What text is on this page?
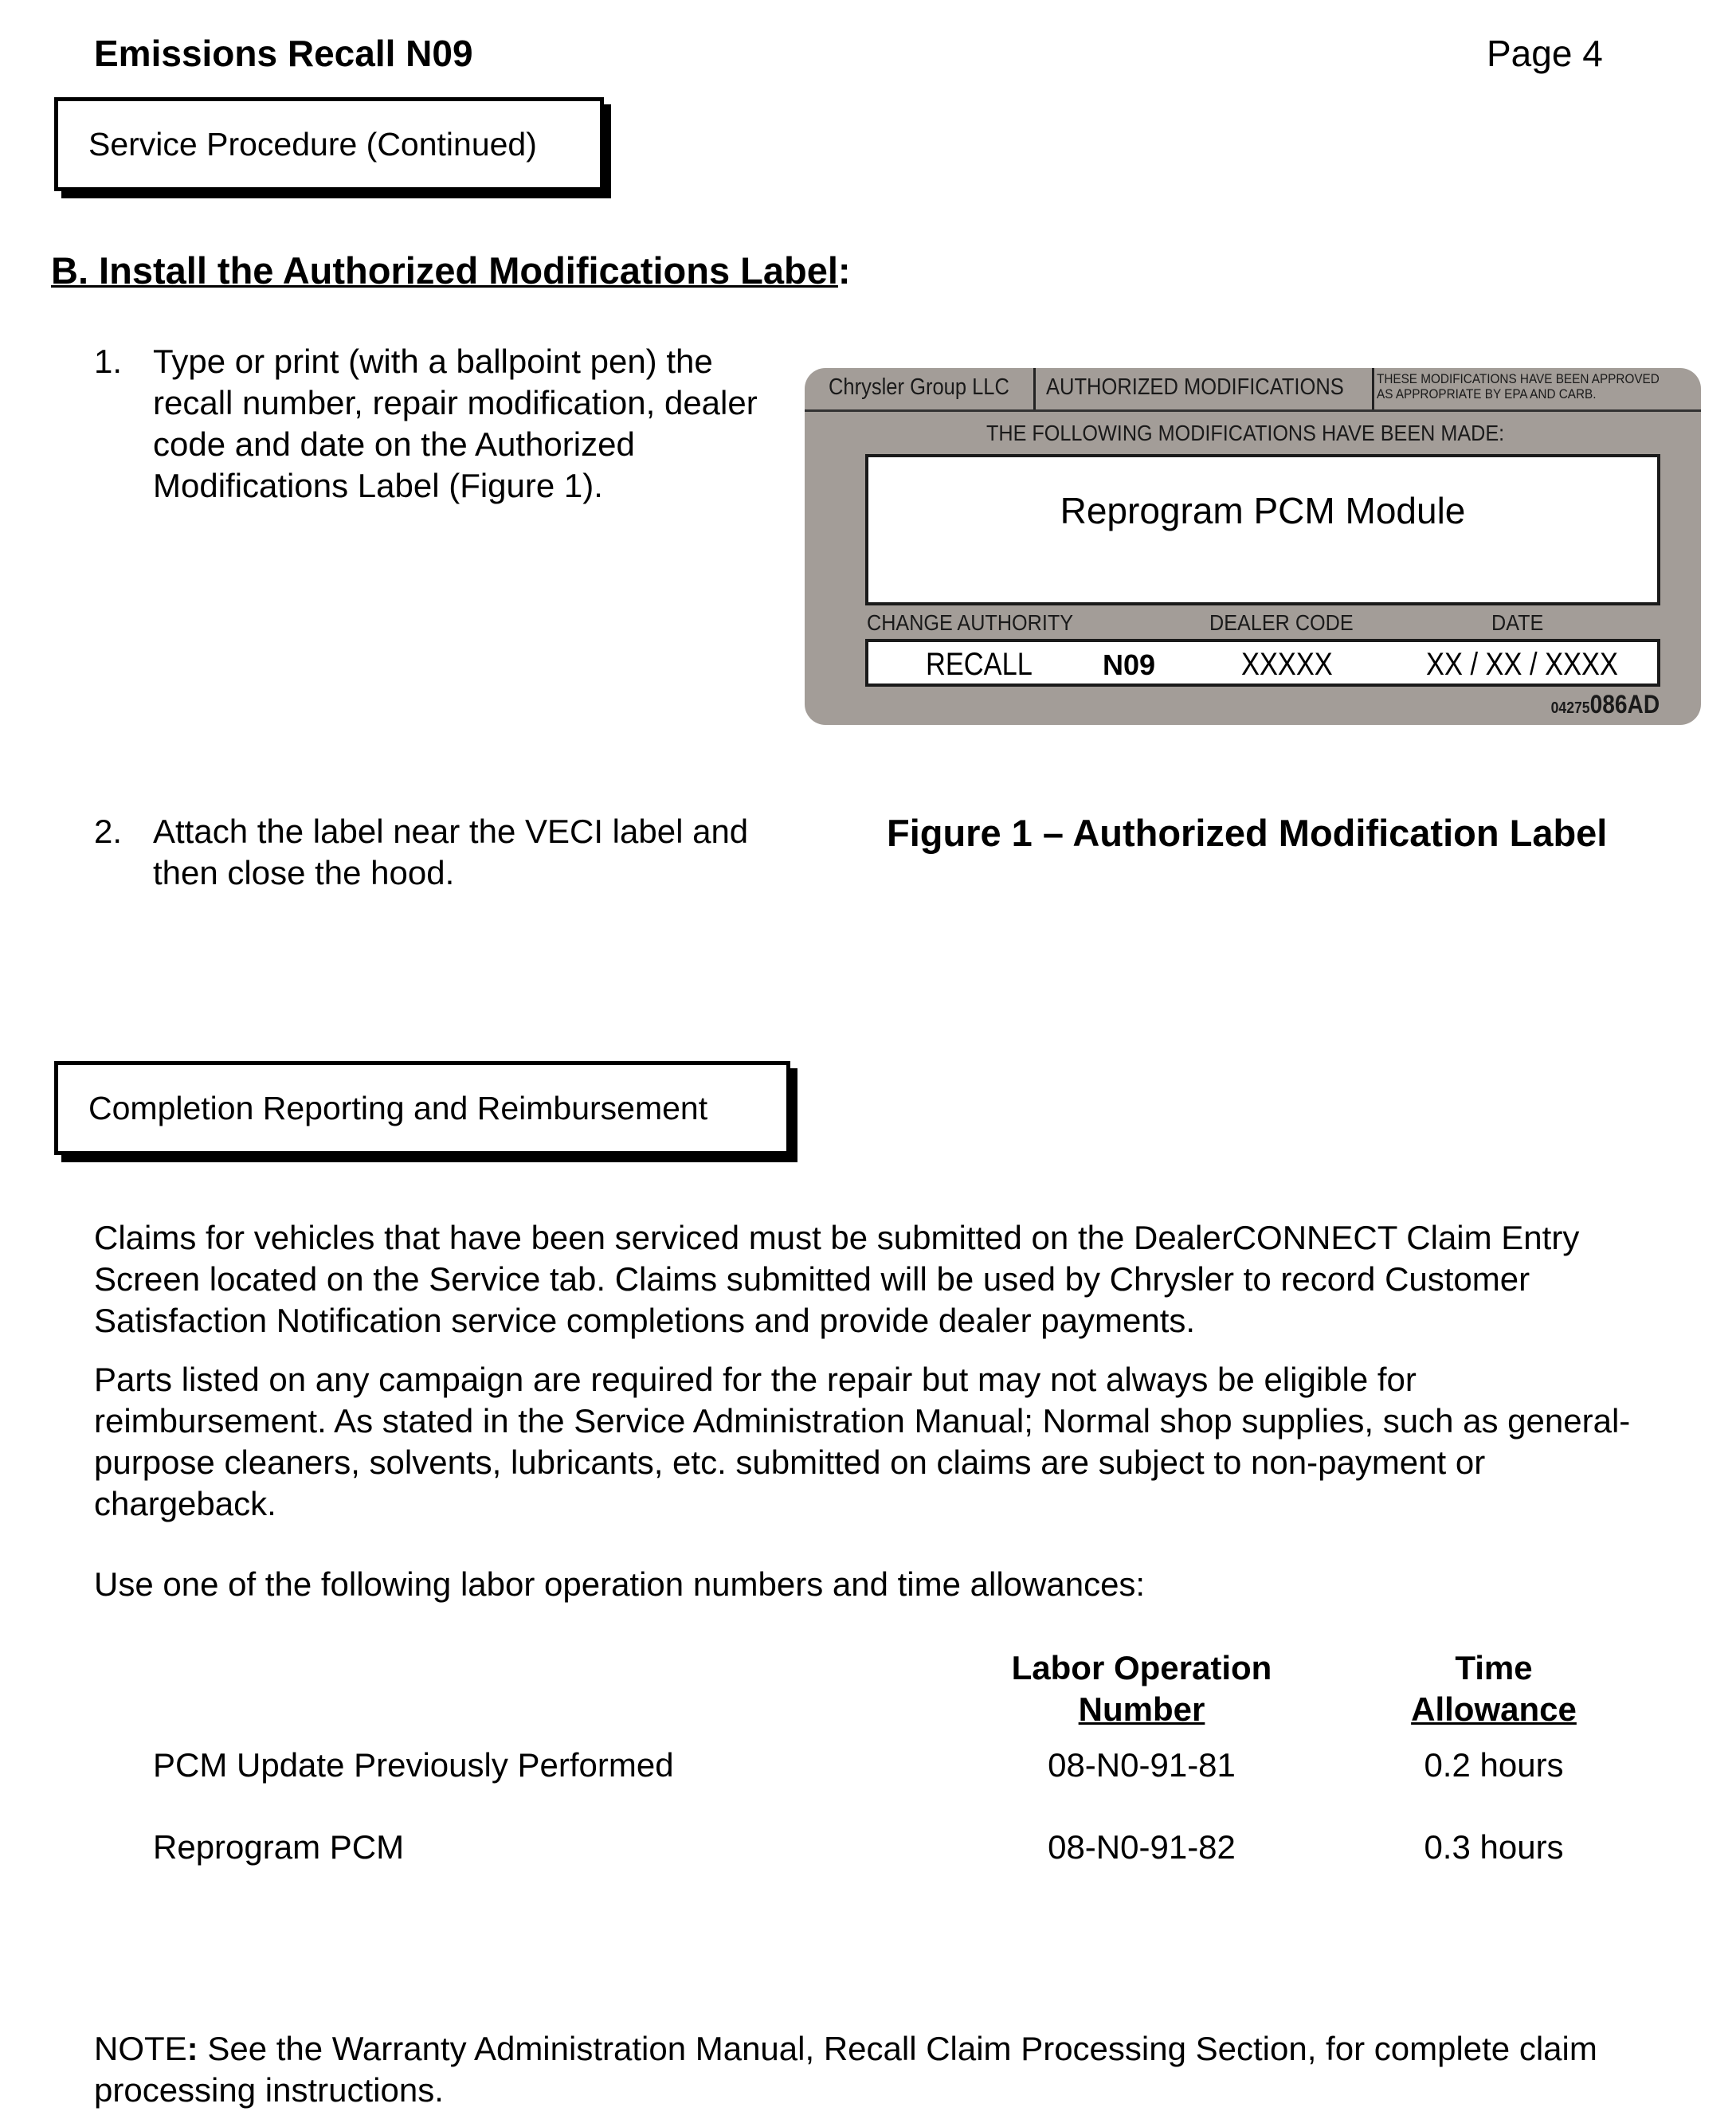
Emissions Recall N09	Page 4
Service Procedure (Continued)
B. Install the Authorized Modifications Label:
1. Type or print (with a ballpoint pen) the recall number, repair modification, dealer code and date on the Authorized Modifications Label (Figure 1).
Chrysler Group LLC AUTHORIZED MODIFICATIONS THESE MODIFICATIONS HAVE BEEN APPROVED AS APPROPRIATE BY EPA AND CARB.
THE FOLLOWING MODIFICATIONS HAVE BEEN MADE:
Reprogram PCM Module
CHANGE AUTHORITY	DEALER CODE	DATE
RECALL N09	XXXXX	XX / XX / XXXX
04275086AD
2. Attach the label near the VECI label and then close the hood.
Figure 1 – Authorized Modification Label
Completion Reporting and Reimbursement
Claims for vehicles that have been serviced must be submitted on the DealerCONNECT Claim Entry Screen located on the Service tab. Claims submitted will be used by Chrysler to record Customer Satisfaction Notification service completions and provide dealer payments.
Parts listed on any campaign are required for the repair but may not always be eligible for reimbursement. As stated in the Service Administration Manual; Normal shop supplies, such as general-purpose cleaners, solvents, lubricants, etc. submitted on claims are subject to non-payment or chargeback.
Use one of the following labor operation numbers and time allowances:
Labor Operation
Number
Time
Allowance
PCM Update Previously Performed	08-N0-91-81	0.2 hours
Reprogram PCM	08-N0-91-82	0.3 hours
NOTE: See the Warranty Administration Manual, Recall Claim Processing Section, for complete claim processing instructions.
